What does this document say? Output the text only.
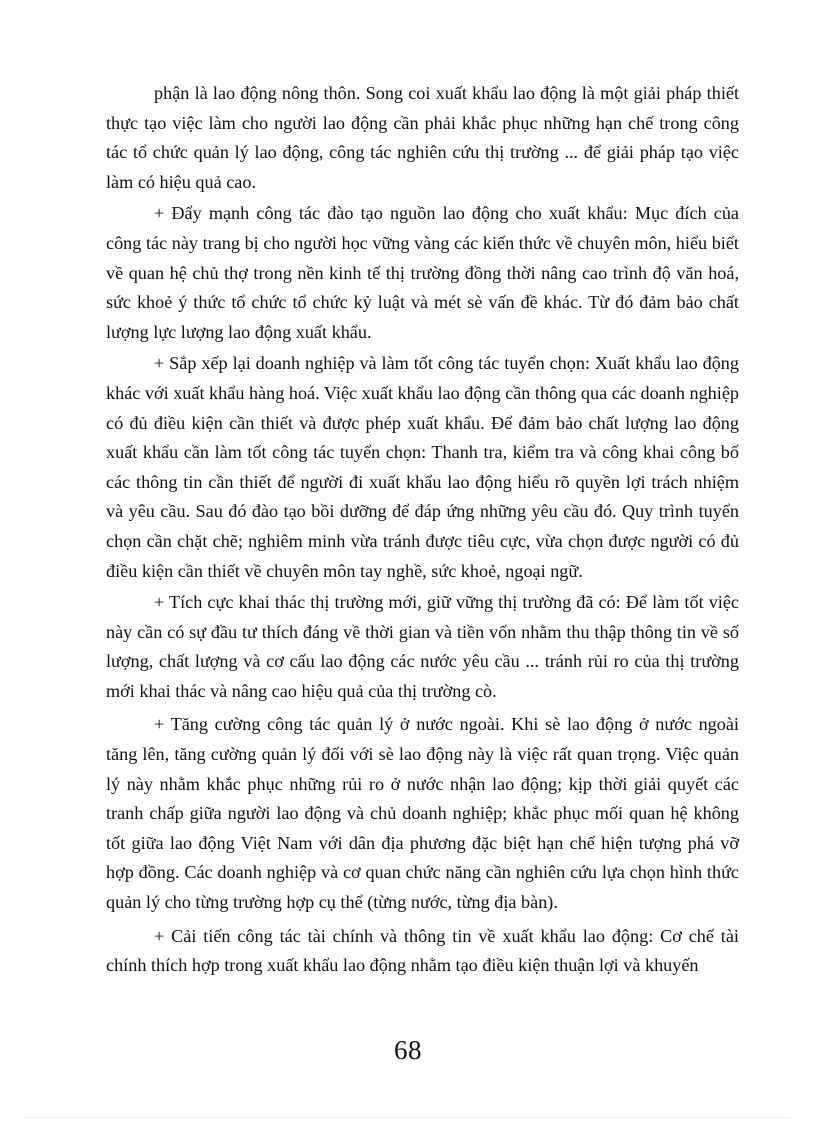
phận là lao động nông thôn. Song coi xuất khẩu lao động là một giải pháp thiết thực tạo việc làm cho người lao động cần phải khắc phục những hạn chế trong công tác tổ chức quản lý lao động, công tác nghiên cứu thị trường ... để giải pháp tạo việc làm có hiệu quả cao.

+ Đẩy mạnh công tác đào tạo nguồn lao động cho xuất khẩu: Mục đích của công tác này trang bị cho người học vững vàng các kiến thức về chuyên môn, hiểu biết về quan hệ chủ thợ trong nền kinh tế thị trường đồng thời nâng cao trình độ văn hoá, sức khoẻ ý thức tổ chức tổ chức kỷ luật và mét sè vấn đề khác. Từ đó đảm bảo chất lượng lực lượng lao động xuất khẩu.

+ Sắp xếp lại doanh nghiệp và làm tốt công tác tuyển chọn: Xuất khẩu lao động khác với xuất khẩu hàng hoá. Việc xuất khẩu lao động cần thông qua các doanh nghiệp có đủ điều kiện cần thiết và được phép xuất khẩu. Để đảm bảo chất lượng lao động xuất khẩu cần làm tốt công tác tuyển chọn: Thanh tra, kiểm tra và công khai công bố các thông tin cần thiết để người đi xuất khẩu lao động hiểu rõ quyền lợi trách nhiệm và yêu cầu. Sau đó đào tạo bồi dưỡng để đáp ứng những yêu cầu đó. Quy trình tuyển chọn cần chặt chẽ; nghiêm minh vừa tránh được tiêu cực, vừa chọn được người có đủ điều kiện cần thiết về chuyên môn tay nghề, sức khoẻ, ngoại ngữ.

+ Tích cực khai thác thị trường mới, giữ vững thị trường đã có: Để làm tốt việc này cần có sự đầu tư thích đáng về thời gian và tiền vốn nhằm thu thập thông tin về số lượng, chất lượng và cơ cấu lao động các nước yêu cầu ... tránh rủi ro của thị trường mới khai thác và nâng cao hiệu quả của thị trường cò.

+ Tăng cường công tác quản lý ở nước ngoài. Khi sè lao động ở nước ngoài tăng lên, tăng cường quản lý đối với sè lao động này là việc rất quan trọng. Việc quản lý này nhằm khắc phục những rủi ro ở nước nhận lao động; kịp thời giải quyết các tranh chấp giữa người lao động và chủ doanh nghiệp; khắc phục mối quan hệ không tốt giữa lao động Việt Nam với dân địa phương đặc biệt hạn chế hiện tượng phá vỡ hợp đồng. Các doanh nghiệp và cơ quan chức năng cần nghiên cứu lựa chọn hình thức quản lý cho từng trường hợp cụ thể (từng nước, từng địa bàn).

+ Cải tiến công tác tài chính và thông tin về xuất khẩu lao động: Cơ chế tài chính thích hợp trong xuất khẩu lao động nhằm tạo điều kiện thuận lợi và khuyến

68
